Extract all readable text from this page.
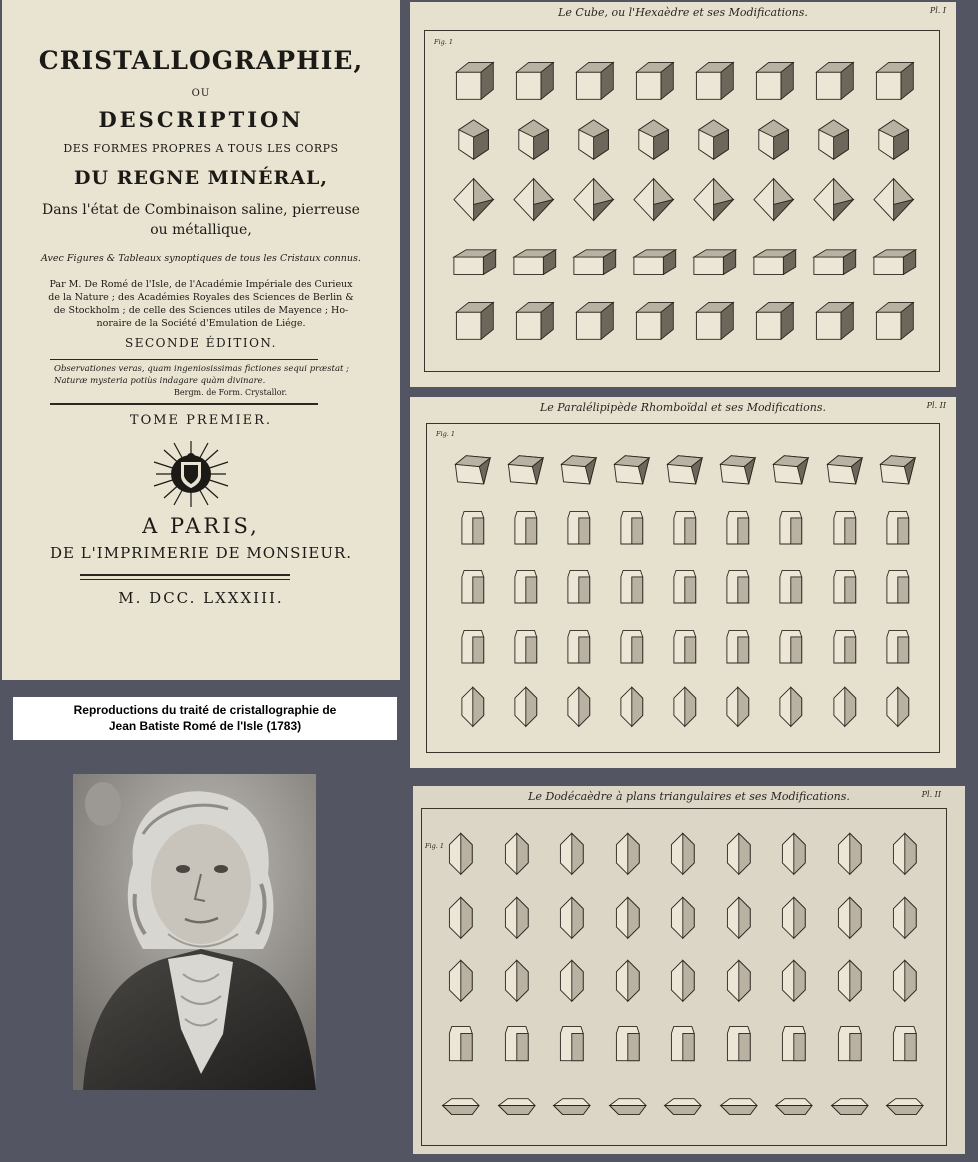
CRISTALLOGRAPHIE,
OU
DESCRIPTION
DES FORMES PROPRES A TOUS LES CORPS
DU REGNE MINÉRAL,
Dans l'état de Combinaison saline, pierreuse
ou métallique,
Avec Figures & Tableaux synoptiques de tous les Cristaux connus.
Par M. De Romé de l'Isle, de l'Académie Impériale des Curieux
de la Nature ; des Académies Royales des Sciences de Berlin &
de Stockholm ; de celle des Sciences utiles de Mayence ; Ho-
noraire de la Société d'Emulation de Liége.
SECONDE ÉDITION.
Observationes veras, quam ingeniosissimas fictiones sequi præstat ;
Naturæ mysteria potiùs indagare quàm divinare.
Bergm. de Form. Crystallor.
TOME PREMIER.
A PARIS,
DE L'IMPRIMERIE DE MONSIEUR.
M. DCC. LXXXIII.
Reproductions du traité de cristallographie de
Jean Batiste Romé de l'Isle (1783)
Le Cube, ou l'Hexaèdre et ses Modifications.	Pl. I
Fig. 1
Le Paralélipipède Rhomboïdal et ses Modifications.	Pl. II
Fig. 1
Le Dodécaèdre à plans triangulaires et ses Modifications.	Pl. II
Fig. 1
